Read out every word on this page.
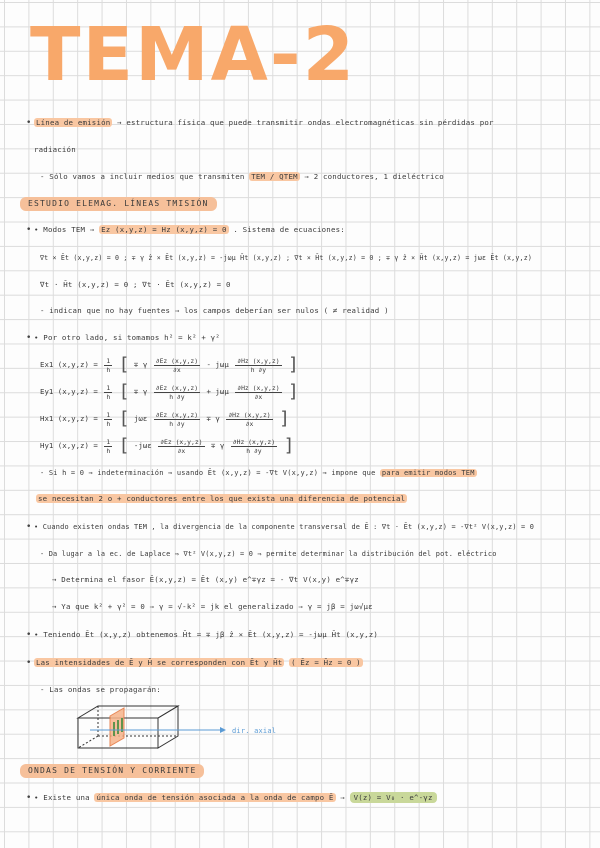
TEMA-2
• Línea de emisión → estructura física que puede transmitir ondas electromagnéticas sin pérdidas por
radiación
- Sólo vamos a incluir medios que transmiten TEM / QTEM ⇒ 2 conductores, 1 dieléctrico
ESTUDIO ELEMAG. LÍNEAS TMISIÓN
• • Modos TEM ⇒ Ez (x,y,z) = Hz (x,y,z) = 0 . Sistema de ecuaciones:
∇t × Ēt (x,y,z) = 0 ; ∓ γ ẑ × Ēt (x,y,z) = -jωμ H̄t (x,y,z) ; ∇t × H̄t (x,y,z) = 0 ; ∓ γ ẑ × H̄t (x,y,z) = jωε Ēt (x,y,z)
∇t · H̄t (x,y,z) = 0 ; ∇t · Ēt (x,y,z) = 0
- indican que no hay fuentes ⇒ los campos deberían ser nulos ( ≠ realidad )
• • Por otro lado, si tomamos h² = k² + γ²
Ex1 $(x,y,z) = \frac{1}{h}$ [ ∓ γ $\frac{\partial Ez (x,y,z)}{\partial x}$ - jωμ $\frac{\partial Hz (x,y,z)}{h \partial y}$ ]
Ey1 $(x,y,z) = \frac{1}{h}$ [ ∓ γ $\frac{\partial Ez (x,y,z)}{h \partial y} + j\omega\mu \frac{\partial Hz (x,y,z)}{\partial x}$ ]
Hx1 $(x,y,z) = \frac{1}{h}$ [ jωε $\frac{\partial Ez (x,y,z)}{h \partial y} \mp \gamma \frac{\partial Hz (x,y,z)}{\partial x}$ ]
Hy1 $(x,y,z) = \frac{1}{h}$ [ $-j\omega\varepsilon \frac{\partial Ez (x,y,z)}{\partial x} \mp \gamma \frac{\partial Hz (x,y,z)}{h \partial y}$ ]
- Si h = 0 ⇒ indeterminación ⇒ usando Ēt (x,y,z) = -∇t V(x,y,z) ⇒ impone que para emitir modos TEM
se necesitan 2 o + conductores entre los que exista una diferencia de potencial
• • Cuando existen ondas TEM , la divergencia de la componente transversal de Ē : ∇t · Ēt (x,y,z) = -∇t² V(x,y,z) = 0
- Da lugar a la ec. de Laplace ⇒ ∇t² V(x,y,z) = 0 ⇒ permite determinar la distribución del pot. eléctrico
→ Determina el fasor Ē(x,y,z) = Ēt (x,y) e^∓γz = - ∇t V(x,y) e^∓γz
→ Ya que k² + γ² = 0 ⇒ γ = √-k² = jk el generalizado ⇒ γ = jβ = jω√με
• • Teniendo Ēt (x,y,z) obtenemos H̄t = ∓ jβ ẑ × Ēt (x,y,z) = -jωμ H̄t (x,y,z)
• Las intensidades de Ē y H̄ se corresponden con Ēt y H̄t ( Ēz = H̄z = 0 )
- Las ondas se propagarán:
dir. axial
ONDAS DE TENSIÓN Y CORRIENTE
• • Existe una única onda de tensión asociada a la onda de campo Ē ⇒ V(z) = V₀ · e^-γz
